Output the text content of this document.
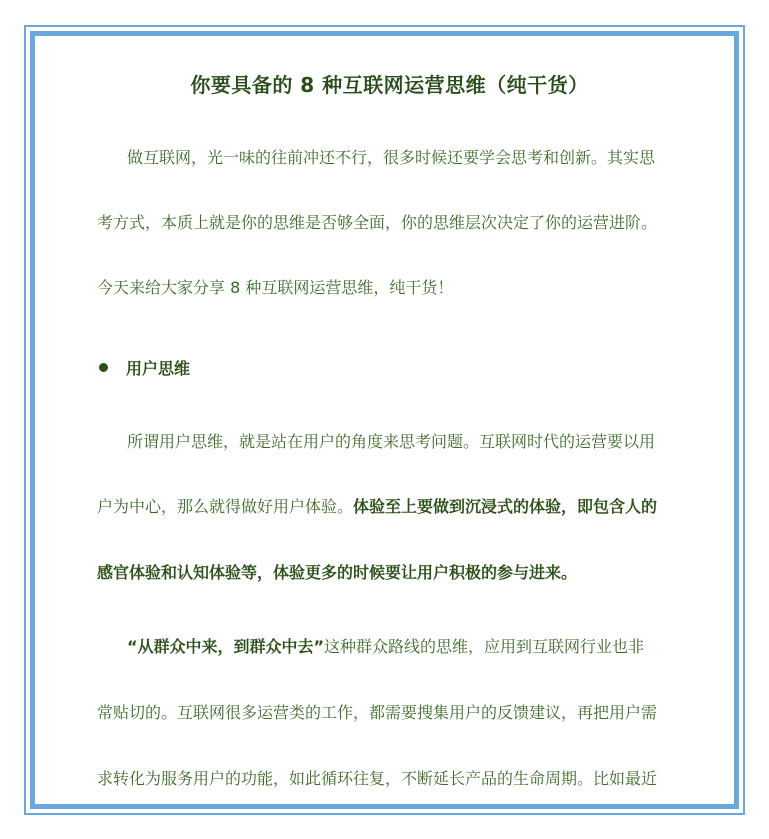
你要具备的 8 种互联网运营思维（纯干货）
做互联网，光一味的往前冲还不行，很多时候还要学会思考和创新。其实思
考方式，本质上就是你的思维是否够全面，你的思维层次决定了你的运营进阶。
今天来给大家分享 8 种互联网运营思维，纯干货！
用户思维
所谓用户思维，就是站在用户的角度来思考问题。互联网时代的运营要以用
户为中心，那么就得做好用户体验。体验至上要做到沉浸式的体验，即包含人的
感官体验和认知体验等，体验更多的时候要让用户积极的参与进来。
“从群众中来，到群众中去”这种群众路线的思维，应用到互联网行业也非
常贴切的。互联网很多运营类的工作，都需要搜集用户的反馈建议，再把用户需
求转化为服务用户的功能，如此循环往复，不断延长产品的生命周期。比如最近
